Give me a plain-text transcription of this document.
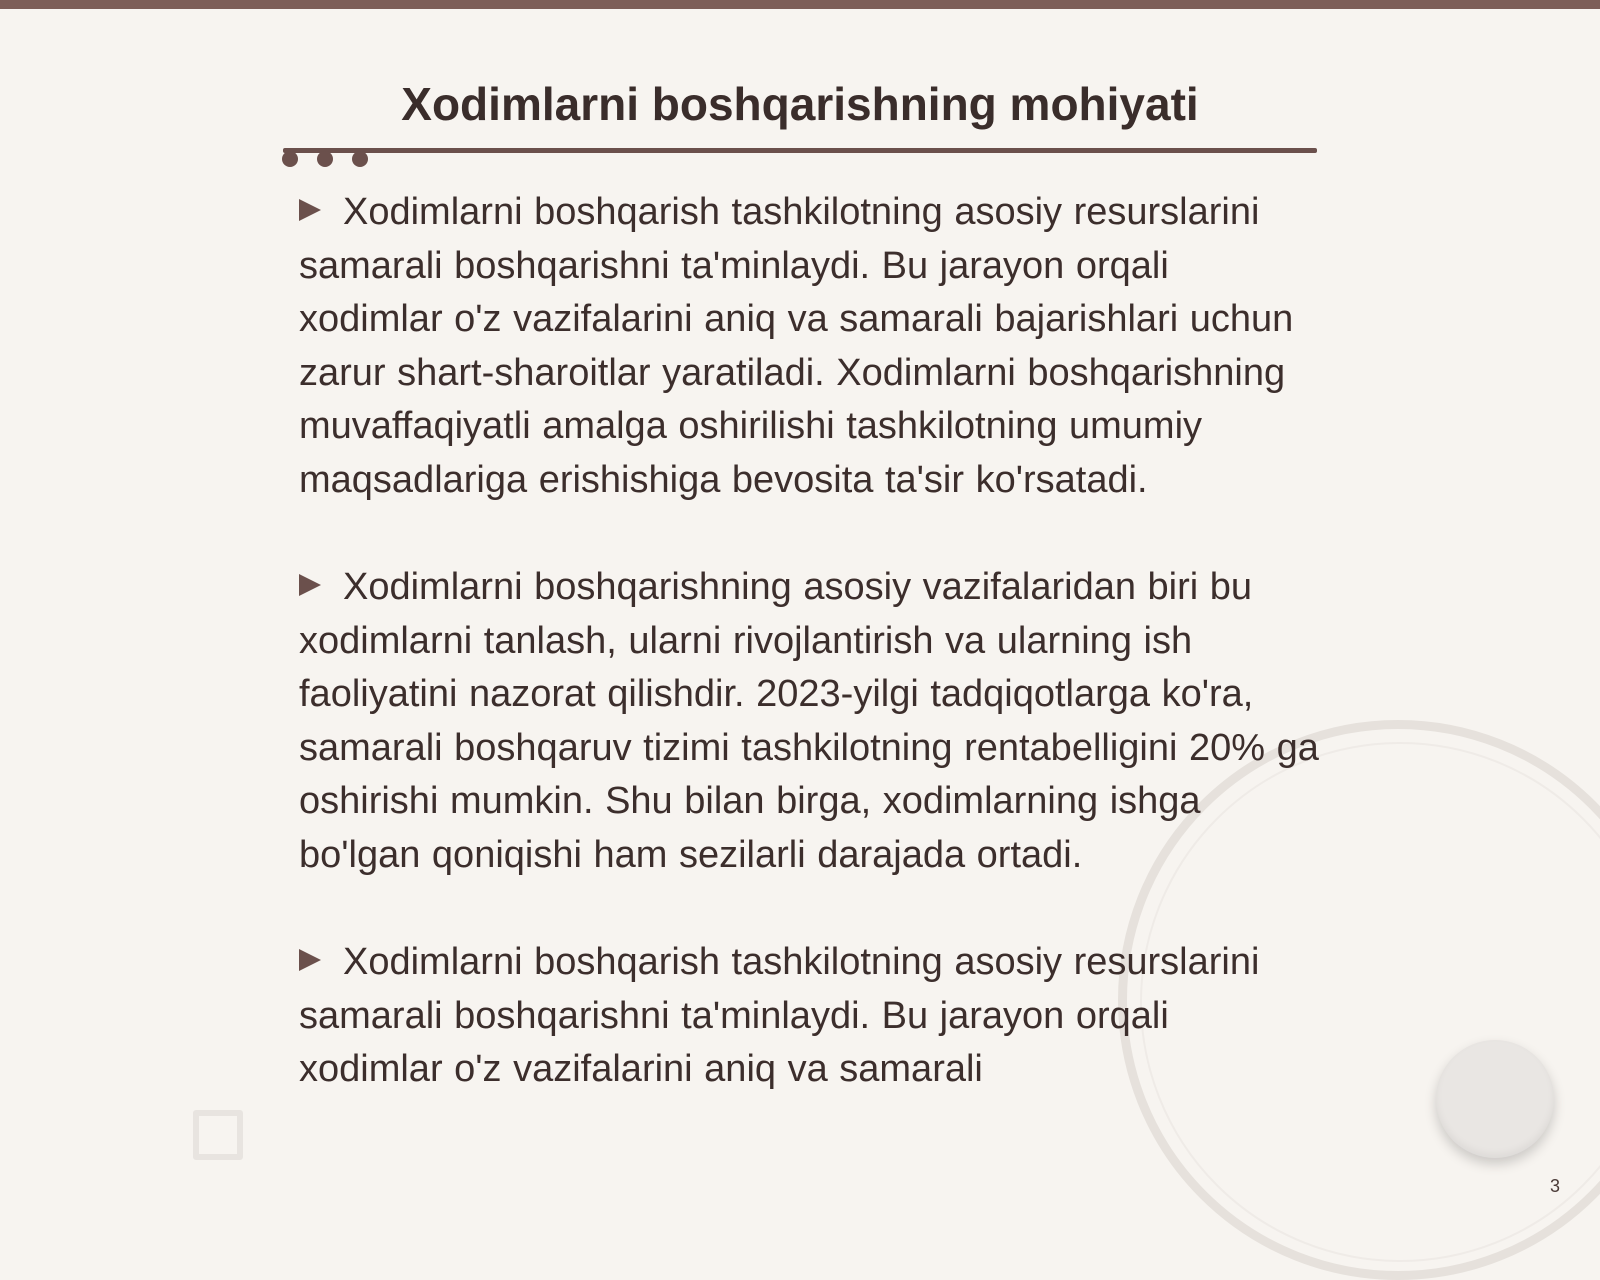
Xodimlarni boshqarishning mohiyati

Xodimlarni boshqarish tashkilotning asosiy resurslarini samarali boshqarishni ta'minlaydi. Bu jarayon orqali xodimlar o'z vazifalarini aniq va samarali bajarishlari uchun zarur shart-sharoitlar yaratiladi. Xodimlarni boshqarishning muvaffaqiyatli amalga oshirilishi tashkilotning umumiy maqsadlariga erishishiga bevosita ta'sir ko'rsatadi.

Xodimlarni boshqarishning asosiy vazifalaridan biri bu xodimlarni tanlash, ularni rivojlantirish va ularning ish faoliyatini nazorat qilishdir. 2023-yilgi tadqiqotlarga ko'ra, samarali boshqaruv tizimi tashkilotning rentabelligini 20% ga oshirishi mumkin. Shu bilan birga, xodimlarning ishga bo'lgan qoniqishi ham sezilarli darajada ortadi.

Xodimlarni boshqarish tashkilotning asosiy resurslarini samarali boshqarishni ta'minlaydi. Bu jarayon orqali xodimlar o'z vazifalarini aniq va samarali

3
